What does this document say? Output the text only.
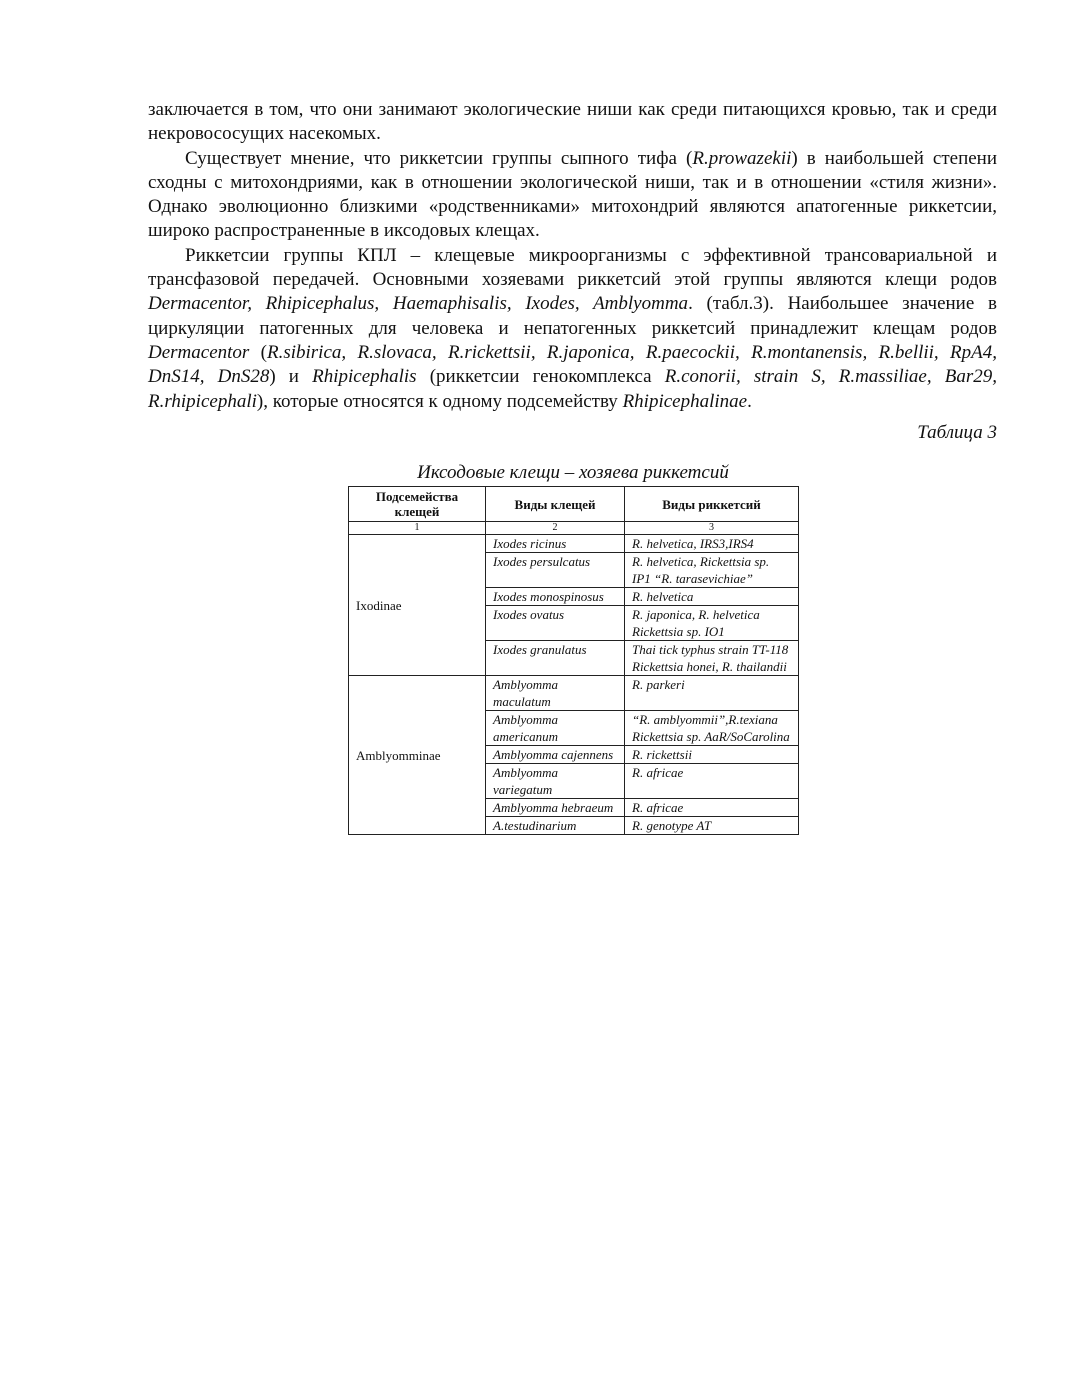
заключается в том, что они занимают экологические ниши как среди питающихся кровью, так и среди некровососущих насекомых.

Существует мнение, что риккетсии группы сыпного тифа (R.prowazekii) в наибольшей степени сходны с митохондриями, как в отношении экологической ниши, так и в отношении «стиля жизни». Однако эволюционно близкими «родственниками» митохондрий являются апатогенные риккетсии, широко распространенные в иксодовых клещах.

Риккетсии группы КПЛ – клещевые микроорганизмы с эффективной трансовариальной и трансфазовой передачей. Основными хозяевами риккетсий этой группы являются клещи родов Dermacentor, Rhipicephalus, Haemaphisalis, Ixodes, Amblyomma. (табл.3). Наибольшее значение в циркуляции патогенных для человека и непатогенных риккетсий принадлежит клещам родов Dermacentor (R.sibirica, R.slovaca, R.rickettsii, R.japonica, R.paecockii, R.montanensis, R.bellii, RpA4, DnS14, DnS28) и Rhipicephalis (риккетсии генокомплекса R.conorii, strain S, R.massiliae, Bar29, R.rhipicephali), которые относятся к одному подсемейству Rhipicephalinae.

Таблица 3
Иксодовые клещи – хозяева риккетсий
Подсемейства клещей	Виды клещей	Виды риккетсий
1	2	3
Ixodinae	Ixodes ricinus	R. helvetica, IRS3,IRS4
	Ixodes persulcatus	R. helvetica, Rickettsia sp. IP1 “R. tarasevichiae”
	Ixodes monospinosus	R. helvetica
	Ixodes ovatus	R. japonica, R. helvetica Rickettsia sp. IO1
	Ixodes granulatus	Thai tick typhus strain TT-118 Rickettsia honei, R. thailandii
Amblyomminae	Amblyomma maculatum	R. parkeri
	Amblyomma americanum	“R. amblyommii”,R.texiana Rickettsia sp. AaR/SoCarolina
	Amblyomma cajennens	R. rickettsii
	Amblyomma variegatum	R. africae
	Amblyomma hebraeum	R. africae
	A.testudinarium	R. genotype AT
